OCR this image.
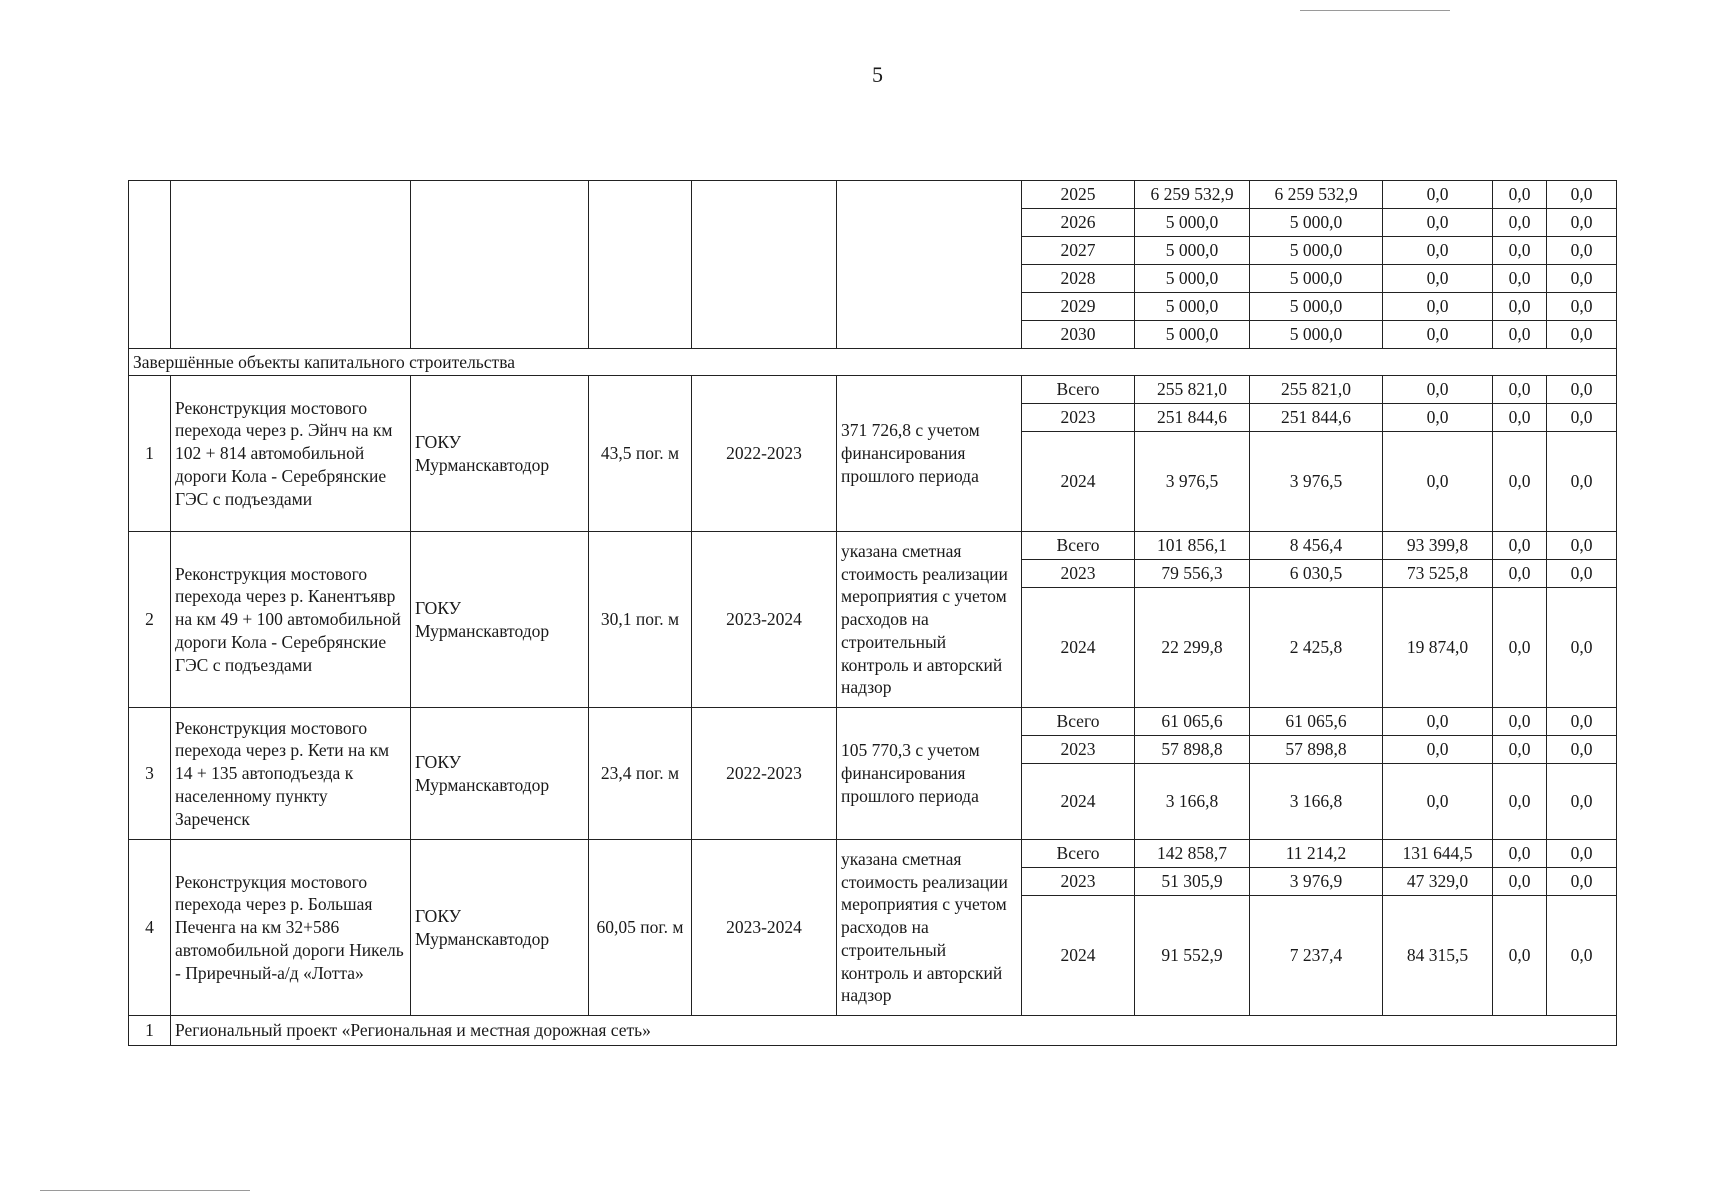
5
						2025	6 259 532,9	6 259 532,9	0,0	0,0	0,0
						2026	5 000,0	5 000,0	0,0	0,0	0,0
						2027	5 000,0	5 000,0	0,0	0,0	0,0
						2028	5 000,0	5 000,0	0,0	0,0	0,0
						2029	5 000,0	5 000,0	0,0	0,0	0,0
						2030	5 000,0	5 000,0	0,0	0,0	0,0
Завершённые объекты капитального строительства											
1	Реконструкция мостового перехода через р. Эйнч на км 102 + 814 автомобильной дороги Кола - Серебрянские ГЭС с подъездами	ГОКУ Мурманскавтодор	43,5 пог. м	2022-2023	371 726,8 с учетом финансирования прошлого периода	Всего	255 821,0	255 821,0	0,0	0,0	0,0
						2023	251 844,6	251 844,6	0,0	0,0	0,0
						2024	3 976,5	3 976,5	0,0	0,0	0,0
2	Реконструкция мостового перехода через р. Канентъявр на км 49 + 100 автомобильной дороги Кола - Серебрянские ГЭС с подъездами	ГОКУ Мурманскавтодор	30,1 пог. м	2023-2024	указана сметная стоимость реализации мероприятия с учетом расходов на строительный контроль и авторский надзор	Всего	101 856,1	8 456,4	93 399,8	0,0	0,0
						2023	79 556,3	6 030,5	73 525,8	0,0	0,0
						2024	22 299,8	2 425,8	19 874,0	0,0	0,0
3	Реконструкция мостового перехода через р. Кети на км 14 + 135 автоподъезда к населенному пункту Зареченск	ГОКУ Мурманскавтодор	23,4 пог. м	2022-2023	105 770,3 с учетом финансирования прошлого периода	Всего	61 065,6	61 065,6	0,0	0,0	0,0
						2023	57 898,8	57 898,8	0,0	0,0	0,0
						2024	3 166,8	3 166,8	0,0	0,0	0,0
4	Реконструкция мостового перехода через р. Большая Печенга на км 32+586 автомобильной дороги Никель - Приречный-а/д «Лотта»	ГОКУ Мурманскавтодор	60,05 пог. м	2023-2024	указана сметная стоимость реализации мероприятия с учетом расходов на строительный контроль и авторский надзор	Всего	142 858,7	11 214,2	131 644,5	0,0	0,0
						2023	51 305,9	3 976,9	47 329,0	0,0	0,0
						2024	91 552,9	7 237,4	84 315,5	0,0	0,0
1	Региональный проект «Региональная и местная дорожная сеть»										
